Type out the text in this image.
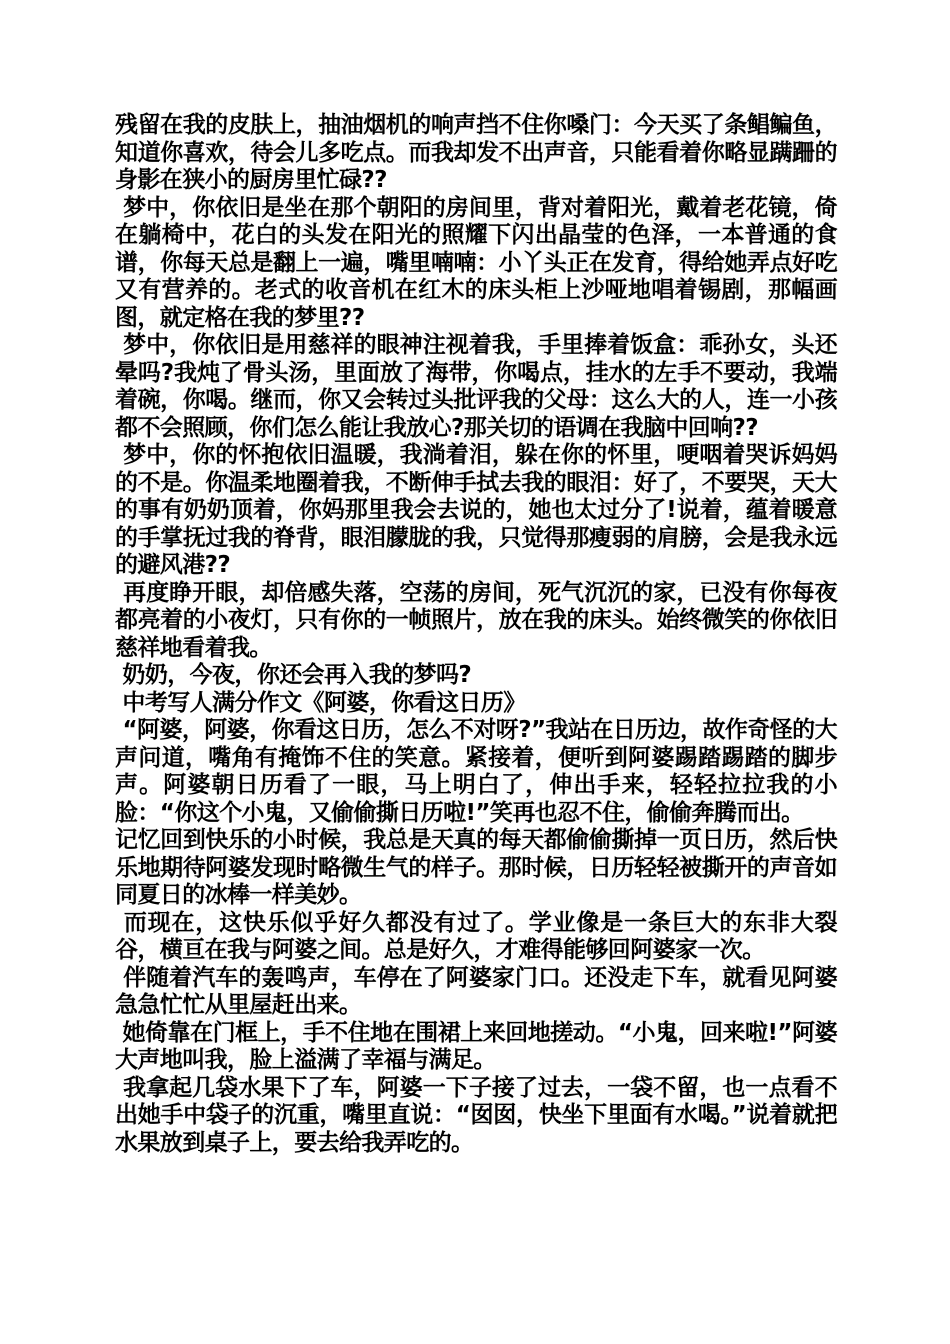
残留在我的皮肤上，抽油烟机的响声挡不住你嗓门：今天买了条鲳鳊鱼，知道你喜欢，待会儿多吃点。而我却发不出声音，只能看着你略显蹒跚的身影在狭小的厨房里忙碌??

梦中，你依旧是坐在那个朝阳的房间里，背对着阳光，戴着老花镜，倚在躺椅中，花白的头发在阳光的照耀下闪出晶莹的色泽，一本普通的食谱，你每天总是翻上一遍，嘴里喃喃：小丫头正在发育，得给她弄点好吃又有营养的。老式的收音机在红木的床头柜上沙哑地唱着锡剧，那幅画图，就定格在我的梦里??

梦中，你依旧是用慈祥的眼神注视着我，手里捧着饭盒：乖孙女，头还晕吗?我炖了骨头汤，里面放了海带，你喝点，挂水的左手不要动，我端着碗，你喝。继而，你又会转过头批评我的父母：这么大的人，连一小孩都不会照顾，你们怎么能让我放心?那关切的语调在我脑中回响??

梦中，你的怀抱依旧温暖，我淌着泪，躲在你的怀里，哽咽着哭诉妈妈的不是。你温柔地圈着我，不断伸手拭去我的眼泪：好了，不要哭，天大的事有奶奶顶着，你妈那里我会去说的，她也太过分了!说着，蕴着暖意的手掌抚过我的脊背，眼泪朦胧的我，只觉得那瘦弱的肩膀，会是我永远的避风港??

再度睁开眼，却倍感失落，空荡的房间，死气沉沉的家，已没有你每夜都亮着的小夜灯，只有你的一帧照片，放在我的床头。始终微笑的你依旧慈祥地看着我。

奶奶，今夜，你还会再入我的梦吗?

中考写人满分作文《阿婆，你看这日历》

“阿婆，阿婆，你看这日历，怎么不对呀?”我站在日历边，故作奇怪的大声问道，嘴角有掩饰不住的笑意。紧接着，便听到阿婆踢踏踢踏的脚步声。阿婆朝日历看了一眼，马上明白了，伸出手来，轻轻拉拉我的小脸：“你这个小鬼，又偷偷撕日历啦!”笑再也忍不住，偷偷奔腾而出。

记忆回到快乐的小时候，我总是天真的每天都偷偷撕掉一页日历，然后快乐地期待阿婆发现时略微生气的样子。那时候，日历轻轻被撕开的声音如同夏日的冰棒一样美妙。

而现在，这快乐似乎好久都没有过了。学业像是一条巨大的东非大裂谷，横亘在我与阿婆之间。总是好久，才难得能够回阿婆家一次。

伴随着汽车的轰鸣声，车停在了阿婆家门口。还没走下车，就看见阿婆急急忙忙从里屋赶出来。

她倚靠在门框上，手不住地在围裙上来回地搓动。“小鬼，回来啦!”阿婆大声地叫我，脸上溢满了幸福与满足。

我拿起几袋水果下了车，阿婆一下子接了过去，一袋不留，也一点看不出她手中袋子的沉重，嘴里直说：“囡囡，快坐下里面有水喝。”说着就把水果放到桌子上，要去给我弄吃的。
